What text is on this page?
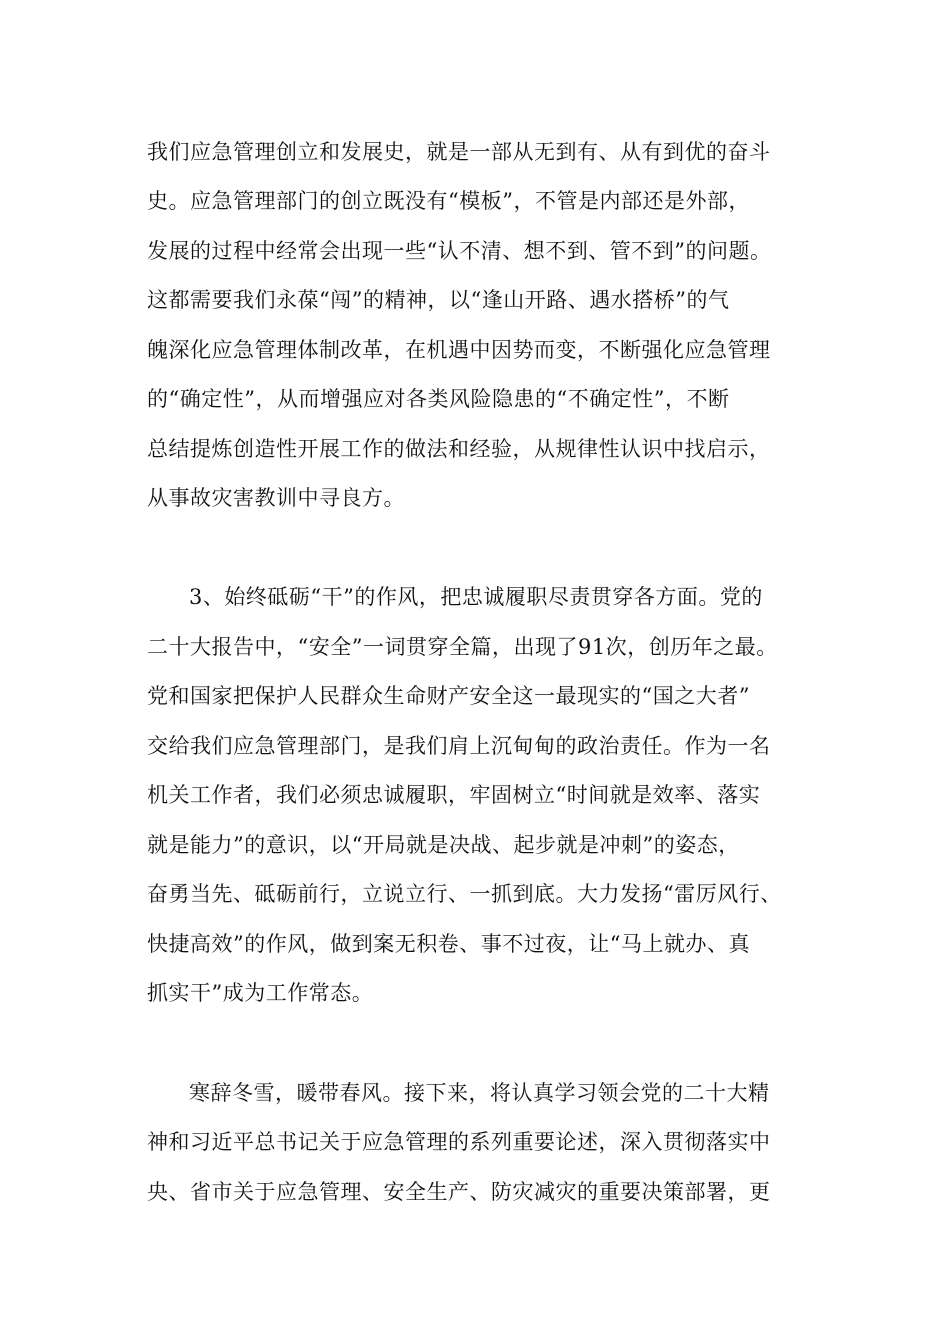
我们应急管理创立和发展史，就是一部从无到有、从有到优的奋斗
史。应急管理部门的创立既没有“模板”，不管是内部还是外部，
发展的过程中经常会出现一些“认不清、想不到、管不到”的问题。
这都需要我们永葆“闯”的精神，以“逢山开路、遇水搭桥”的气
魄深化应急管理体制改革，在机遇中因势而变，不断强化应急管理
的“确定性”，从而增强应对各类风险隐患的“不确定性”，不断
总结提炼创造性开展工作的做法和经验，从规律性认识中找启示，
从事故灾害教训中寻良方。
3、始终砥砺“干”的作风，把忠诚履职尽责贯穿各方面。党的
二十大报告中，“安全”一词贯穿全篇，出现了91次，创历年之最。
党和国家把保护人民群众生命财产安全这一最现实的“国之大者”
交给我们应急管理部门，是我们肩上沉甸甸的政治责任。作为一名
机关工作者，我们必须忠诚履职，牢固树立“时间就是效率、落实
就是能力”的意识，以“开局就是决战、起步就是冲刺”的姿态，
奋勇当先、砥砺前行，立说立行、一抓到底。大力发扬“雷厉风行、
快捷高效”的作风，做到案无积卷、事不过夜，让“马上就办、真
抓实干”成为工作常态。
寒辞冬雪，暖带春风。接下来，将认真学习领会党的二十大精
神和习近平总书记关于应急管理的系列重要论述，深入贯彻落实中
央、省市关于应急管理、安全生产、防灾减灾的重要决策部署，更
